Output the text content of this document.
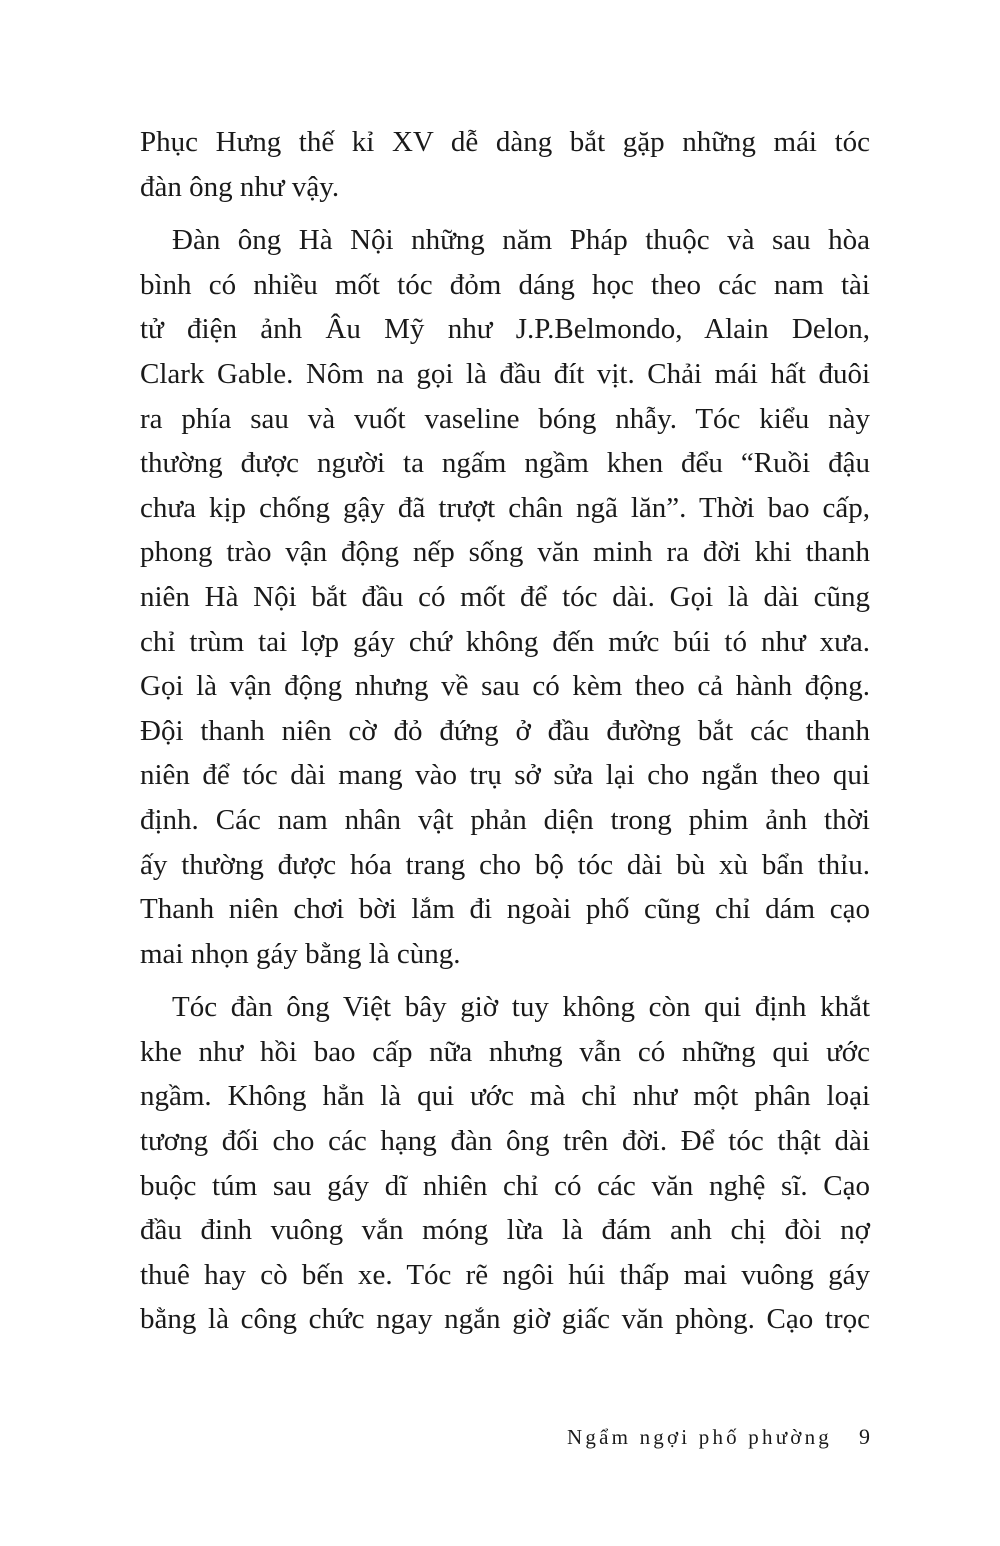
Phục Hưng thế kỉ XV dễ dàng bắt gặp những mái tóc
đàn ông như vậy.
Đàn ông Hà Nội những năm Pháp thuộc và sau hòa
bình có nhiều mốt tóc đỏm dáng học theo các nam tài
tử điện ảnh Âu Mỹ như J.P.Belmondo, Alain Delon,
Clark Gable. Nôm na gọi là đầu đít vịt. Chải mái hất đuôi
ra phía sau và vuốt vaseline bóng nhẫy. Tóc kiểu này
thường được người ta ngấm ngầm khen đểu “Ruồi đậu
chưa kịp chống gậy đã trượt chân ngã lăn”. Thời bao cấp,
phong trào vận động nếp sống văn minh ra đời khi thanh
niên Hà Nội bắt đầu có mốt để tóc dài. Gọi là dài cũng
chỉ trùm tai lợp gáy chứ không đến mức búi tó như xưa.
Gọi là vận động nhưng về sau có kèm theo cả hành động.
Đội thanh niên cờ đỏ đứng ở đầu đường bắt các thanh
niên để tóc dài mang vào trụ sở sửa lại cho ngắn theo qui
định. Các nam nhân vật phản diện trong phim ảnh thời
ấy thường được hóa trang cho bộ tóc dài bù xù bẩn thỉu.
Thanh niên chơi bời lắm đi ngoài phố cũng chỉ dám cạo
mai nhọn gáy bằng là cùng.
Tóc đàn ông Việt bây giờ tuy không còn qui định khắt
khe như hồi bao cấp nữa nhưng vẫn có những qui ước
ngầm. Không hẳn là qui ước mà chỉ như một phân loại
tương đối cho các hạng đàn ông trên đời. Để tóc thật dài
buộc túm sau gáy dĩ nhiên chỉ có các văn nghệ sĩ. Cạo
đầu đinh vuông vắn móng lừa là đám anh chị đòi nợ
thuê hay cò bến xe. Tóc rẽ ngôi húi thấp mai vuông gáy
bằng là công chức ngay ngắn giờ giấc văn phòng. Cạo trọc
Ngẩm ngợi phố phường 9
